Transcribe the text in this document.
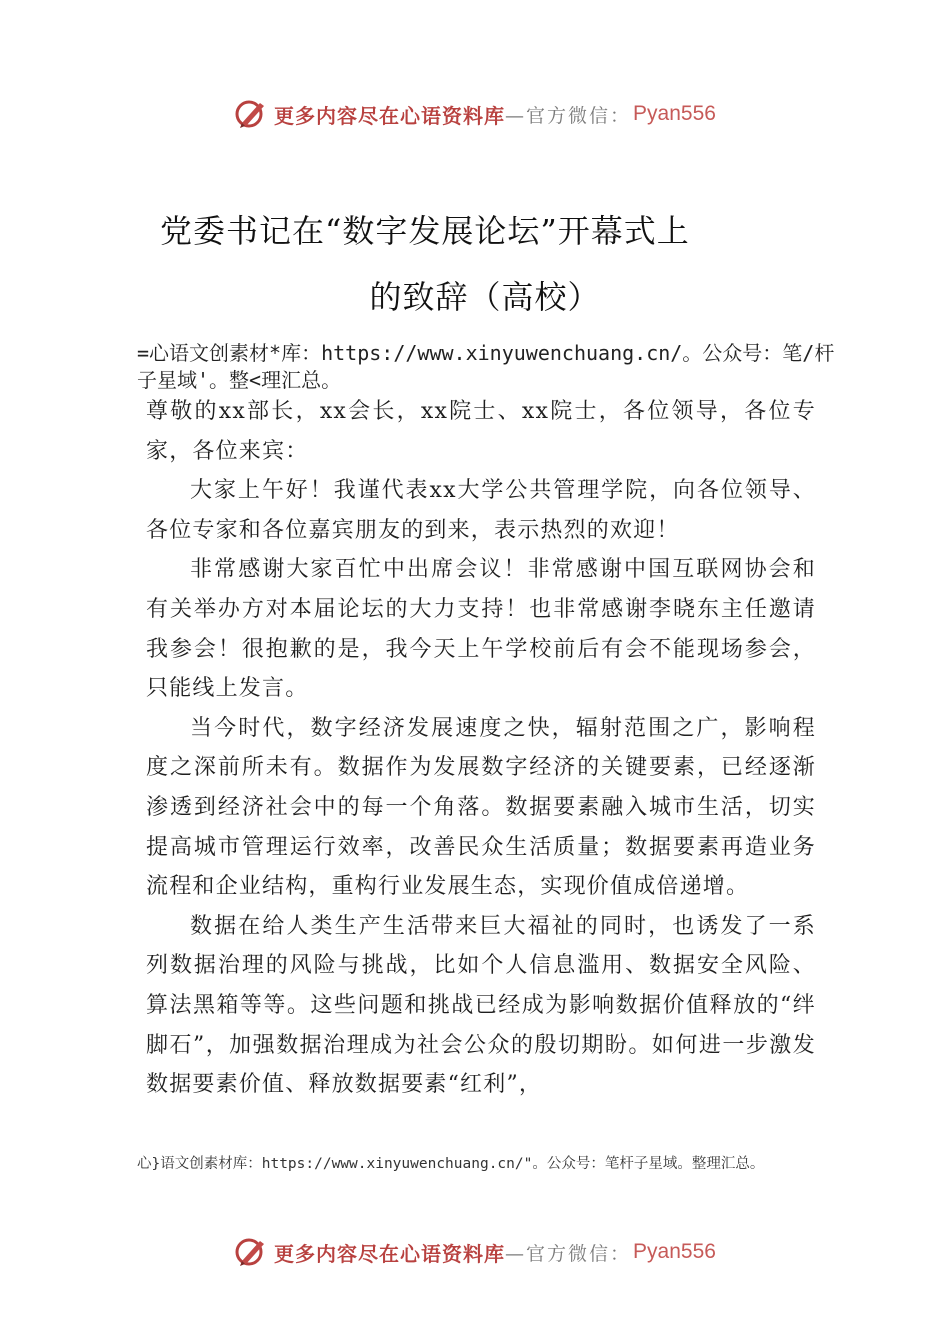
更多内容尽在心语资料库 —官方微信： Pyan556
党委书记在“数字发展论坛”开幕式上
的致辞（高校）
=心语文创素材*库：https://www.xinyuwenchuang.cn/。公众号：笔/杆子星域'。整<理汇总。

尊敬的xx部长，xx会长，xx院士、xx院士，各位领导，各位专家，各位来宾：

大家上午好！我谨代表xx大学公共管理学院，向各位领导、各位专家和各位嘉宾朋友的到来，表示热烈的欢迎！

非常感谢大家百忙中出席会议！非常感谢中国互联网协会和有关举办方对本届论坛的大力支持！也非常感谢李晓东主任邀请我参会！很抱歉的是，我今天上午学校前后有会不能现场参会，只能线上发言。

当今时代，数字经济发展速度之快，辐射范围之广，影响程度之深前所未有。数据作为发展数字经济的关键要素，已经逐渐渗透到经济社会中的每一个角落。数据要素融入城市生活，切实提高城市管理运行效率，改善民众生活质量；数据要素再造业务流程和企业结构，重构行业发展生态，实现价值成倍递增。

数据在给人类生产生活带来巨大福祉的同时，也诱发了一系列数据治理的风险与挑战，比如个人信息滥用、数据安全风险、算法黑箱等等。这些问题和挑战已经成为影响数据价值释放的“绊脚石”，加强数据治理成为社会公众的殷切期盼。如何进一步激发数据要素价值、释放数据要素“红利”，

心}语文创素材库：https://www.xinyuwenchuang.cn/"。公众号：笔杆子星域。整理汇总。
更多内容尽在心语资料库 —官方微信： Pyan556
